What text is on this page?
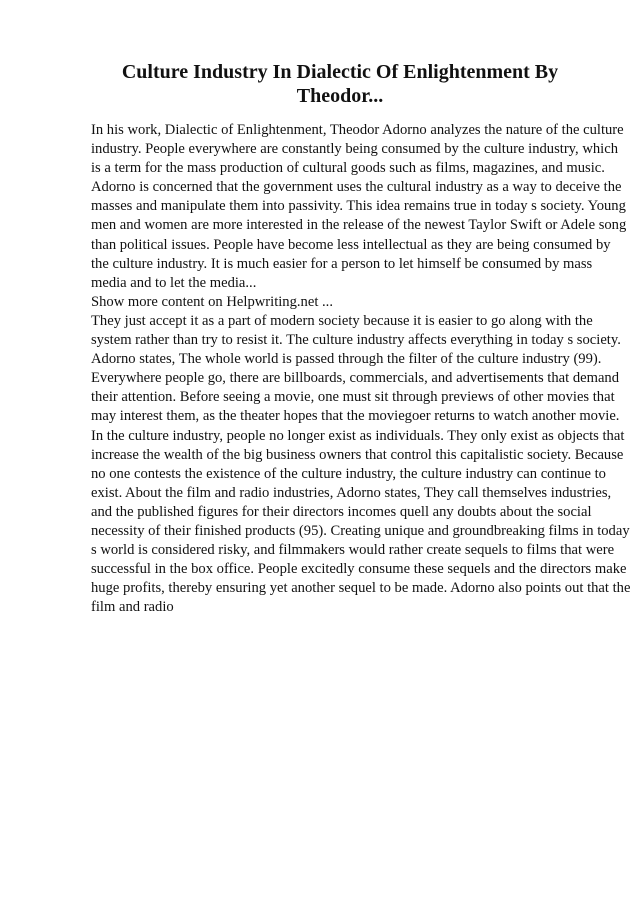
Culture Industry In Dialectic Of Enlightenment By Theodor...

In his work, Dialectic of Enlightenment, Theodor Adorno analyzes the nature of the culture industry. People everywhere are constantly being consumed by the culture industry, which is a term for the mass production of cultural goods such as films, magazines, and music. Adorno is concerned that the government uses the cultural industry as a way to deceive the masses and manipulate them into passivity. This idea remains true in today s society. Young men and women are more interested in the release of the newest Taylor Swift or Adele song than political issues. People have become less intellectual as they are being consumed by the culture industry. It is much easier for a person to let himself be consumed by mass media and to let the media...

Show more content on Helpwriting.net ...

They just accept it as a part of modern society because it is easier to go along with the system rather than try to resist it. The culture industry affects everything in today s society. Adorno states, The whole world is passed through the filter of the culture industry (99). Everywhere people go, there are billboards, commercials, and advertisements that demand their attention. Before seeing a movie, one must sit through previews of other movies that may interest them, as the theater hopes that the moviegoer returns to watch another movie. In the culture industry, people no longer exist as individuals. They only exist as objects that increase the wealth of the big business owners that control this capitalistic society. Because no one contests the existence of the culture industry, the culture industry can continue to exist. About the film and radio industries, Adorno states, They call themselves industries, and the published figures for their directors incomes quell any doubts about the social necessity of their finished products (95). Creating unique and groundbreaking films in today s world is considered risky, and filmmakers would rather create sequels to films that were successful in the box office. People excitedly consume these sequels and the directors make huge profits, thereby ensuring yet another sequel to be made. Adorno also points out that the film and radio
